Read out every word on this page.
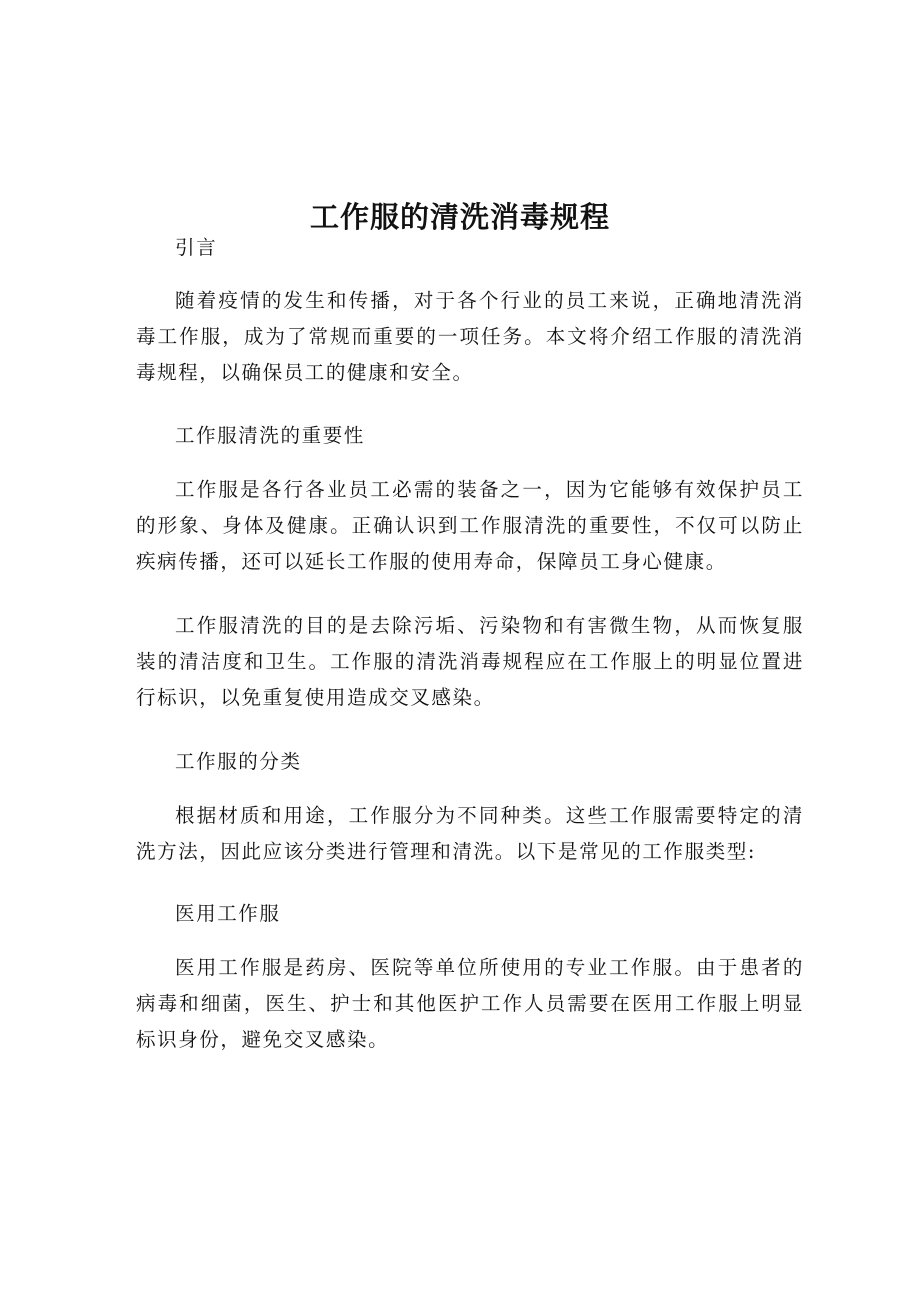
工作服的清洗消毒规程

引言

随着疫情的发生和传播，对于各个行业的员工来说，正确地清洗消毒工作服，成为了常规而重要的一项任务。本文将介绍工作服的清洗消毒规程，以确保员工的健康和安全。

工作服清洗的重要性

工作服是各行各业员工必需的装备之一，因为它能够有效保护员工的形象、身体及健康。正确认识到工作服清洗的重要性，不仅可以防止疾病传播，还可以延长工作服的使用寿命，保障员工身心健康。

工作服清洗的目的是去除污垢、污染物和有害微生物，从而恢复服装的清洁度和卫生。工作服的清洗消毒规程应在工作服上的明显位置进行标识，以免重复使用造成交叉感染。

工作服的分类

根据材质和用途，工作服分为不同种类。这些工作服需要特定的清洗方法，因此应该分类进行管理和清洗。以下是常见的工作服类型:

医用工作服

医用工作服是药房、医院等单位所使用的专业工作服。由于患者的病毒和细菌，医生、护士和其他医护工作人员需要在医用工作服上明显标识身份，避免交叉感染。
